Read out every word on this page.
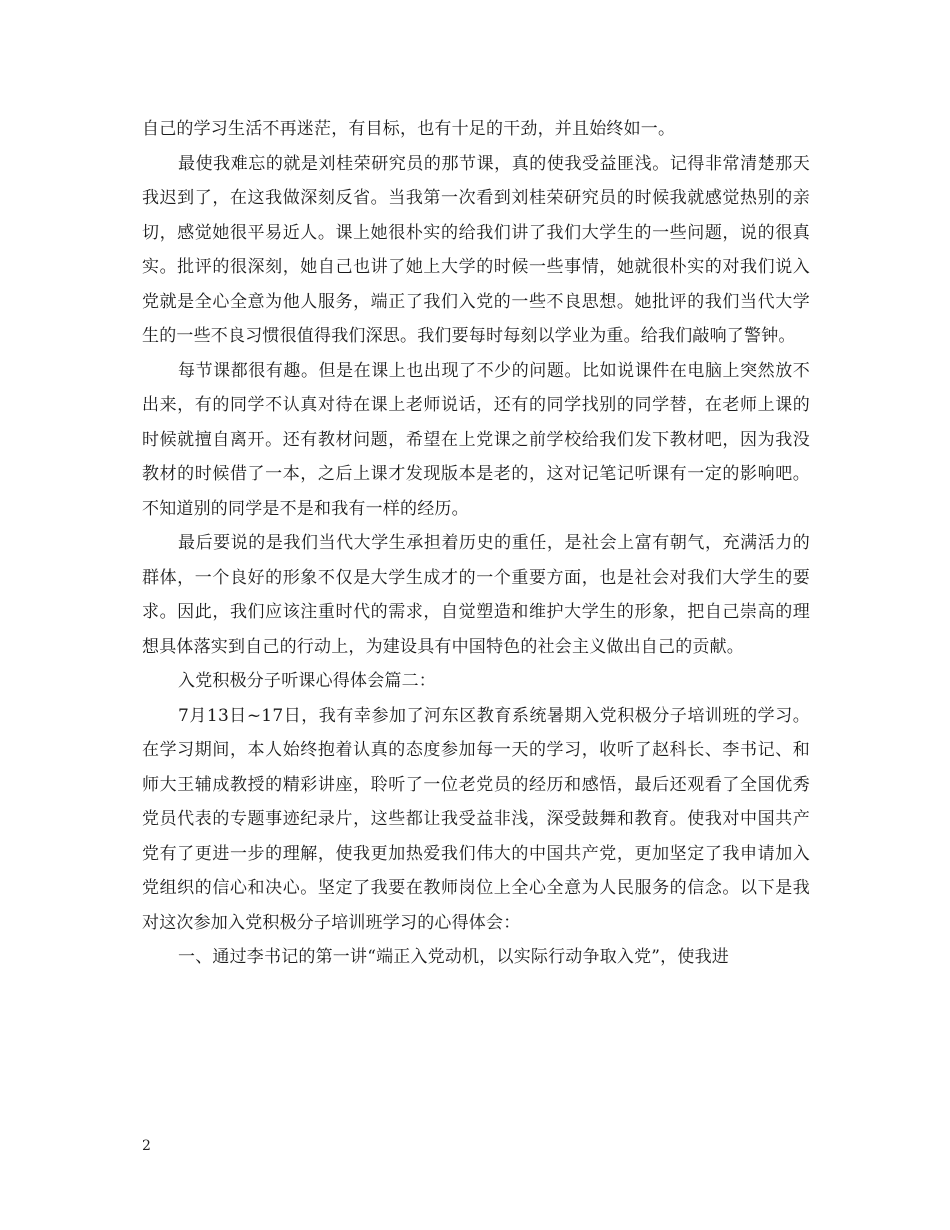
自己的学习生活不再迷茫，有目标，也有十足的干劲，并且始终如一。

最使我难忘的就是刘桂荣研究员的那节课，真的使我受益匪浅。记得非常清楚那天我迟到了，在这我做深刻反省。当我第一次看到刘桂荣研究员的时候我就感觉热别的亲切，感觉她很平易近人。课上她很朴实的给我们讲了我们大学生的一些问题，说的很真实。批评的很深刻，她自己也讲了她上大学的时候一些事情，她就很朴实的对我们说入党就是全心全意为他人服务，端正了我们入党的一些不良思想。她批评的我们当代大学生的一些不良习惯很值得我们深思。我们要每时每刻以学业为重。给我们敲响了警钟。

每节课都很有趣。但是在课上也出现了不少的问题。比如说课件在电脑上突然放不出来，有的同学不认真对待在课上老师说话，还有的同学找别的同学替，在老师上课的时候就擅自离开。还有教材问题，希望在上党课之前学校给我们发下教材吧，因为我没教材的时候借了一本，之后上课才发现版本是老的，这对记笔记听课有一定的影响吧。不知道别的同学是不是和我有一样的经历。

最后要说的是我们当代大学生承担着历史的重任，是社会上富有朝气，充满活力的群体，一个良好的形象不仅是大学生成才的一个重要方面，也是社会对我们大学生的要求。因此，我们应该注重时代的需求，自觉塑造和维护大学生的形象，把自己崇高的理想具体落实到自己的行动上，为建设具有中国特色的社会主义做出自己的贡献。

入党积极分子听课心得体会篇二：

7月13日~17日，我有幸参加了河东区教育系统暑期入党积极分子培训班的学习。在学习期间，本人始终抱着认真的态度参加每一天的学习，收听了赵科长、李书记、和师大王辅成教授的精彩讲座，聆听了一位老党员的经历和感悟，最后还观看了全国优秀党员代表的专题事迹纪录片，这些都让我受益非浅，深受鼓舞和教育。使我对中国共产党有了更进一步的理解，使我更加热爱我们伟大的中国共产党，更加坚定了我申请加入党组织的信心和决心。坚定了我要在教师岗位上全心全意为人民服务的信念。以下是我对这次参加入党积极分子培训班学习的心得体会：

一、通过李书记的第一讲“端正入党动机，以实际行动争取入党”，使我进

2
